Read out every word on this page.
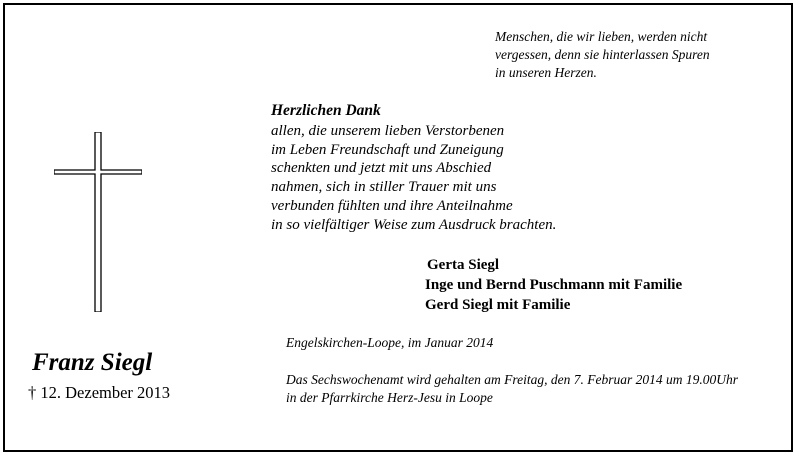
Menschen, die wir lieben, werden nicht
vergessen, denn sie hinterlassen Spuren
in unseren Herzen.
Herzlichen Dank
allen, die unserem lieben Verstorbenen
im Leben Freundschaft und Zuneigung
schenkten und jetzt mit uns Abschied
nahmen, sich in stiller Trauer mit uns
verbunden fühlten und ihre Anteilnahme
in so vielfältiger Weise zum Ausdruck brachten.
Gerta Siegl
Inge und Bernd Puschmann mit Familie
Gerd Siegl mit Familie
Engelskirchen-Loope, im Januar 2014
Das Sechswochenamt wird gehalten am Freitag, den 7. Februar 2014 um 19.00Uhr
in der Pfarrkirche Herz-Jesu in Loope
Franz Siegl
† 12. Dezember 2013
